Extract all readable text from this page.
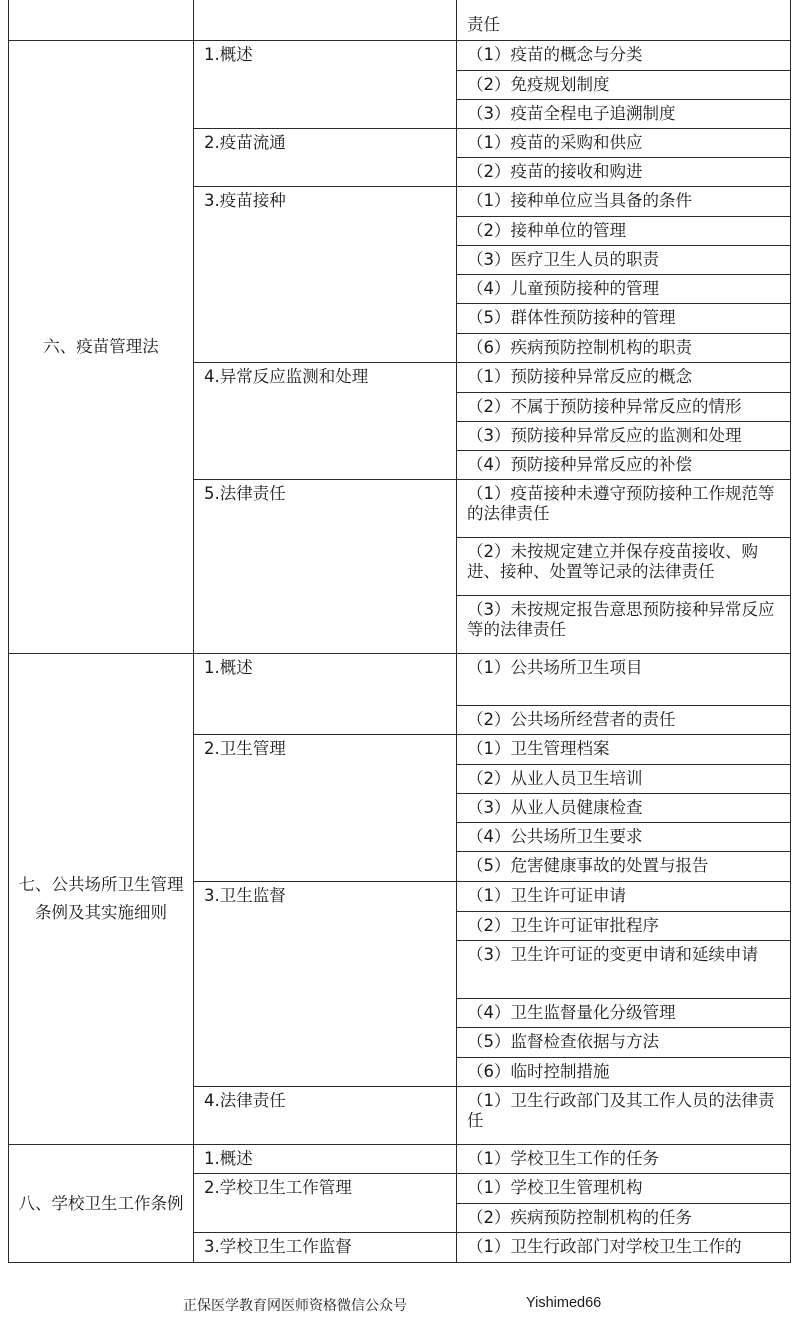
		责任
六、疫苗管理法	1.概述	（1）疫苗的概念与分类
		（2）免疫规划制度
		（3）疫苗全程电子追溯制度
	2.疫苗流通	（1）疫苗的采购和供应
		（2）疫苗的接收和购进
	3.疫苗接种	（1）接种单位应当具备的条件
		（2）接种单位的管理
		（3）医疗卫生人员的职责
		（4）儿童预防接种的管理
		（5）群体性预防接种的管理
		（6）疾病预防控制机构的职责
	4.异常反应监测和处理	（1）预防接种异常反应的概念
		（2）不属于预防接种异常反应的情形
		（3）预防接种异常反应的监测和处理
		（4）预防接种异常反应的补偿
	5.法律责任	（1）疫苗接种未遵守预防接种工作规范等的法律责任
		（2）未按规定建立并保存疫苗接收、购进、接种、处置等记录的法律责任
		（3）未按规定报告意思预防接种异常反应等的法律责任
七、公共场所卫生管理条例及其实施细则	1.概述	（1）公共场所卫生项目
		（2）公共场所经营者的责任
	2.卫生管理	（1）卫生管理档案
		（2）从业人员卫生培训
		（3）从业人员健康检查
		（4）公共场所卫生要求
		（5）危害健康事故的处置与报告
	3.卫生监督	（1）卫生许可证申请
		（2）卫生许可证审批程序
		（3）卫生许可证的变更申请和延续申请
		（4）卫生监督量化分级管理
		（5）监督检查依据与方法
		（6）临时控制措施
	4.法律责任	（1）卫生行政部门及其工作人员的法律责任
八、学校卫生工作条例	1.概述	（1）学校卫生工作的任务
	2.学校卫生工作管理	（1）学校卫生管理机构
		（2）疾病预防控制机构的任务
	3.学校卫生工作监督	（1）卫生行政部门对学校卫生工作的
正保医学教育网医师资格微信公众号	Yishimed66
